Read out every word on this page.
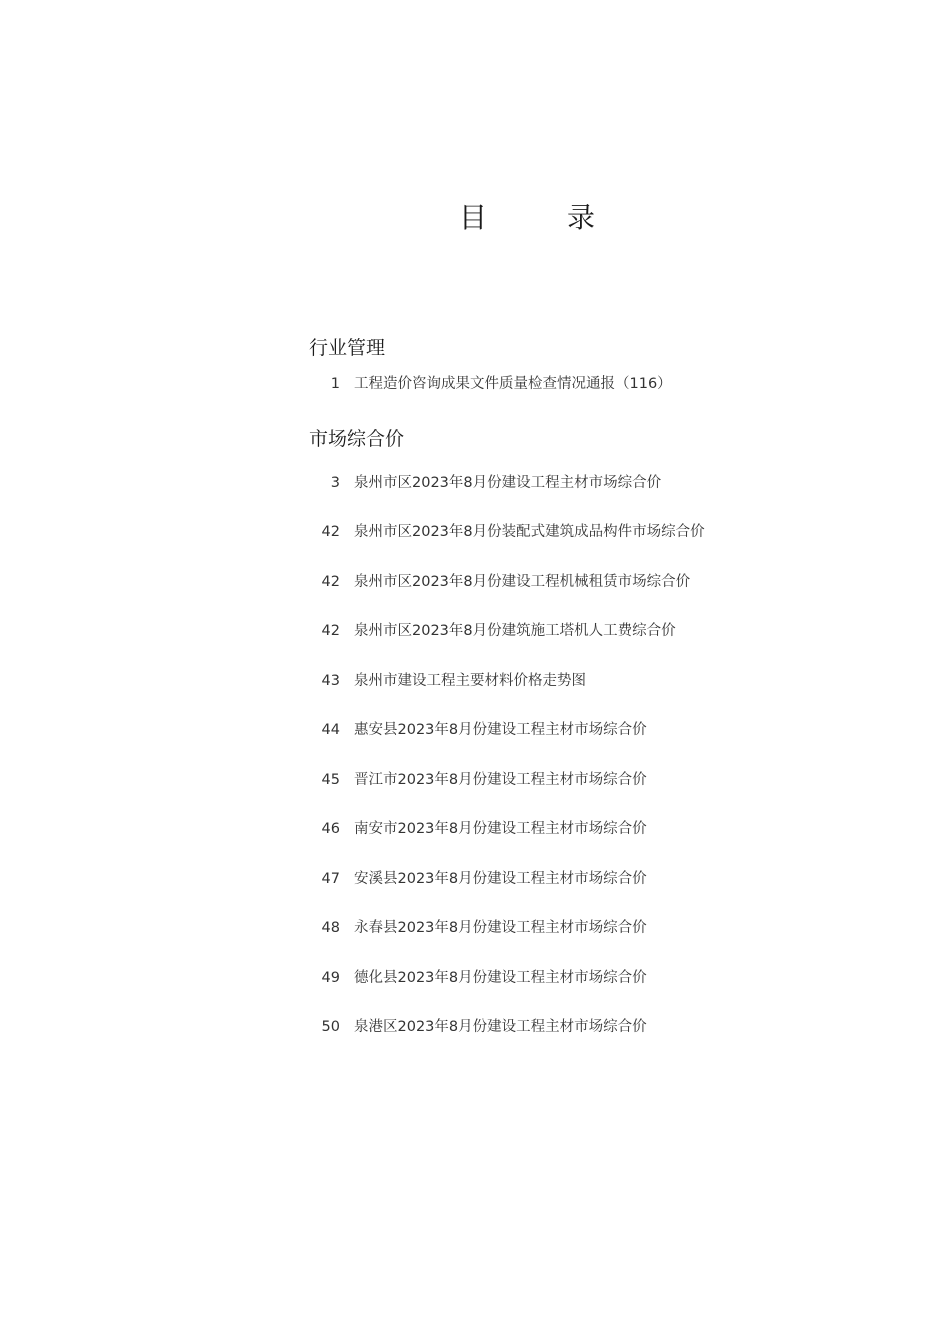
目　录
行业管理
1 工程造价咨询成果文件质量检查情况通报（116）
市场综合价
3 泉州市区2023年8月份建设工程主材市场综合价
42 泉州市区2023年8月份装配式建筑成品构件市场综合价
42 泉州市区2023年8月份建设工程机械租赁市场综合价
42 泉州市区2023年8月份建筑施工塔机人工费综合价
43 泉州市建设工程主要材料价格走势图
44 惠安县2023年8月份建设工程主材市场综合价
45 晋江市2023年8月份建设工程主材市场综合价
46 南安市2023年8月份建设工程主材市场综合价
47 安溪县2023年8月份建设工程主材市场综合价
48 永春县2023年8月份建设工程主材市场综合价
49 德化县2023年8月份建设工程主材市场综合价
50 泉港区2023年8月份建设工程主材市场综合价
